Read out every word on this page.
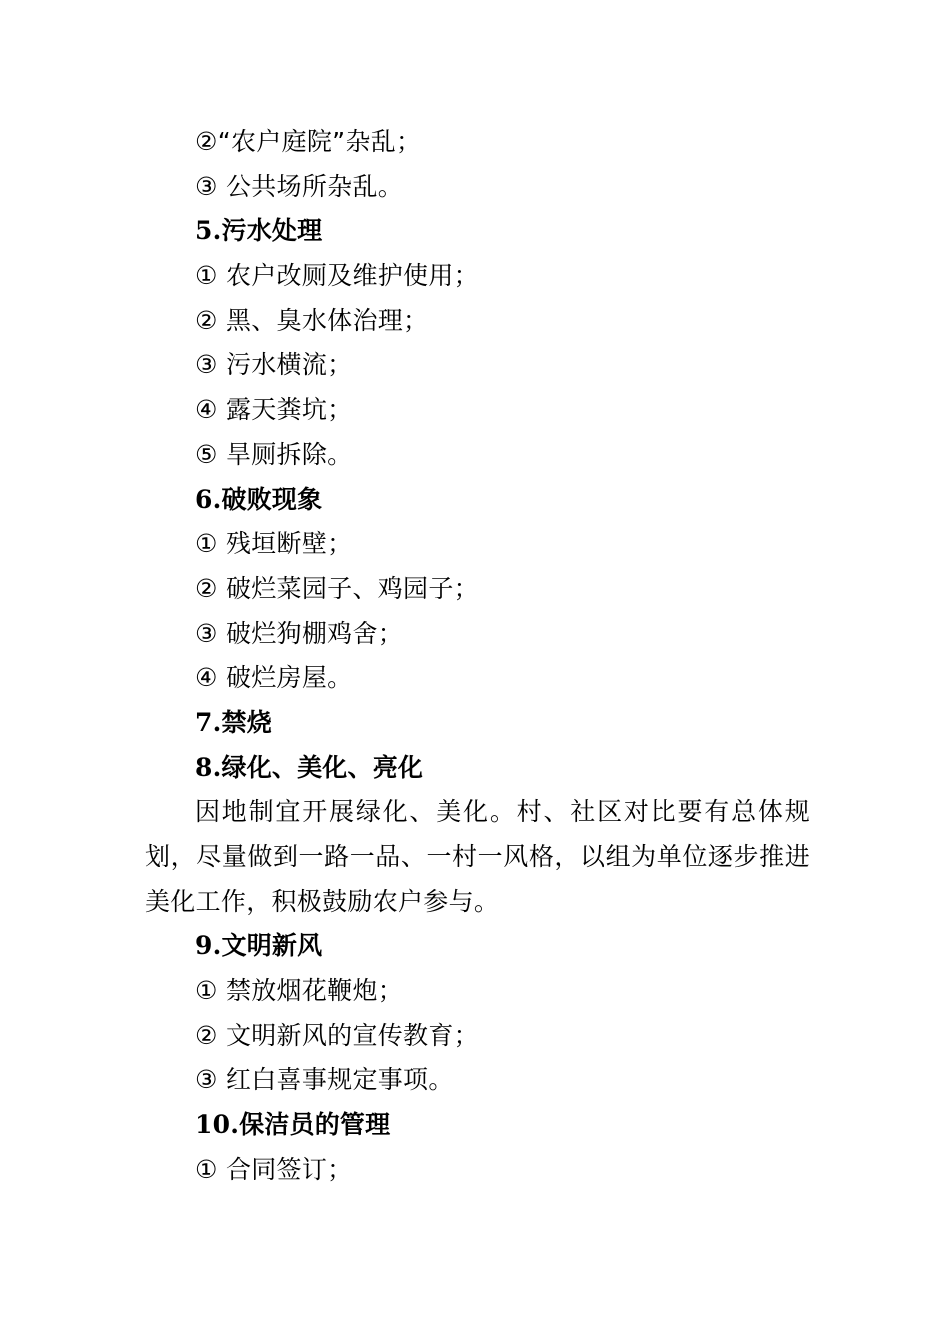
②“农户庭院”杂乱；
③ 公共场所杂乱。
5.污水处理
① 农户改厕及维护使用；
② 黑、臭水体治理；
③ 污水横流；
④ 露天粪坑；
⑤ 旱厕拆除。
6.破败现象
① 残垣断壁；
② 破烂菜园子、鸡园子；
③ 破烂狗棚鸡舍；
④ 破烂房屋。
7.禁烧
8.绿化、美化、亮化

因地制宜开展绿化、美化。村、社区对比要有总体规划，尽量做到一路一品、一村一风格，以组为单位逐步推进美化工作，积极鼓励农户参与。

9.文明新风
① 禁放烟花鞭炮；
② 文明新风的宣传教育；
③ 红白喜事规定事项。
10.保洁员的管理
① 合同签订；
